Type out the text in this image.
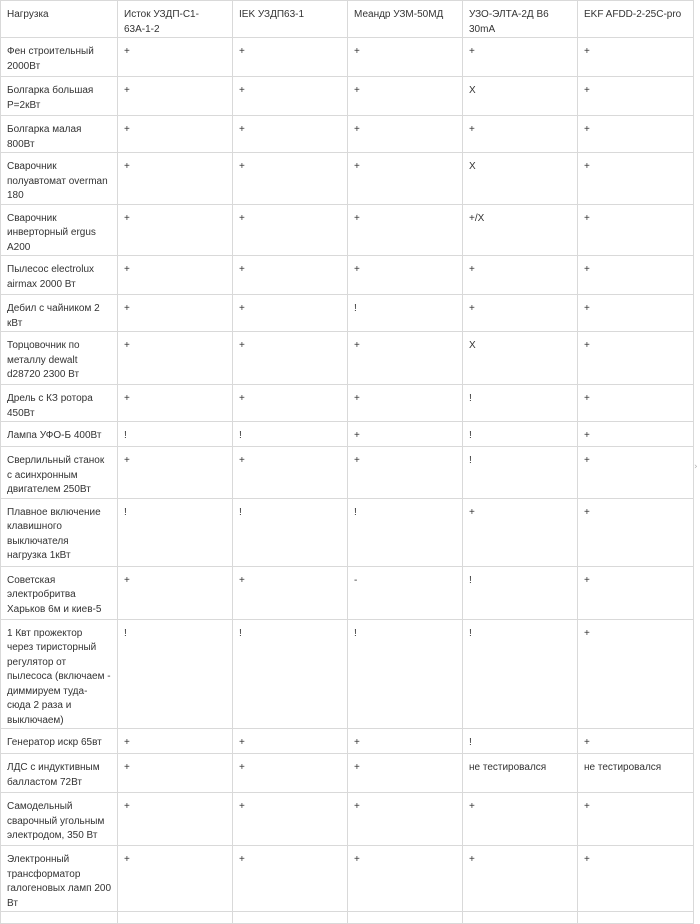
Нагрузка	Исток УЗДП-С1-63А-1-2	IEK УЗДП63-1	Меандр УЗМ-50МД	УЗО-ЭЛТА-2Д В6 30mA	EKF AFDD-2-25C-pro
Фен строительный 2000Вт	+	+	+	+	+
Болгарка большая Р=2кВт	+	+	+	Х	+
Болгарка малая 800Вт	+	+	+	+	+
Сварочник полуавтомат overman 180	+	+	+	Х	+
Сварочник инверторный ergus А200	+	+	+	+/Х	+
Пылесос electrolux airmax 2000 Вт	+	+	+	+	+
Дебил с чайником 2 кВт	+	+	!	+	+
Торцовочник по металлу dewalt d28720 2300 Вт	+	+	+	Х	+
Дрель с КЗ ротора 450Вт	+	+	+	!	+
Лампа УФО-Б 400Вт	!	!	+	!	+
Сверлильный станок с асинхронным двигателем 250Вт	+	+	+	!	+
Плавное включение клавишного выключателя нагрузка 1кВт	!	!	!	+	+
Советская электробритва Харьков 6м и киев-5	+	+	-	!	+
1 Квт прожектор через тиристорный регулятор от пылесоса (включаем - диммируем туда-сюда 2 раза и выключаем)	!	!	!	!	+
Генератор искр 65вт	+	+	+	!	+
ЛДС с индуктивным балластом 72Вт	+	+	+	не тестировался	не тестировался
Самодельный сварочный угольным электродом, 350 Вт	+	+	+	+	+
Электронный трансформатор галогеновых ламп 200 Вт	+	+	+	+	+

›
